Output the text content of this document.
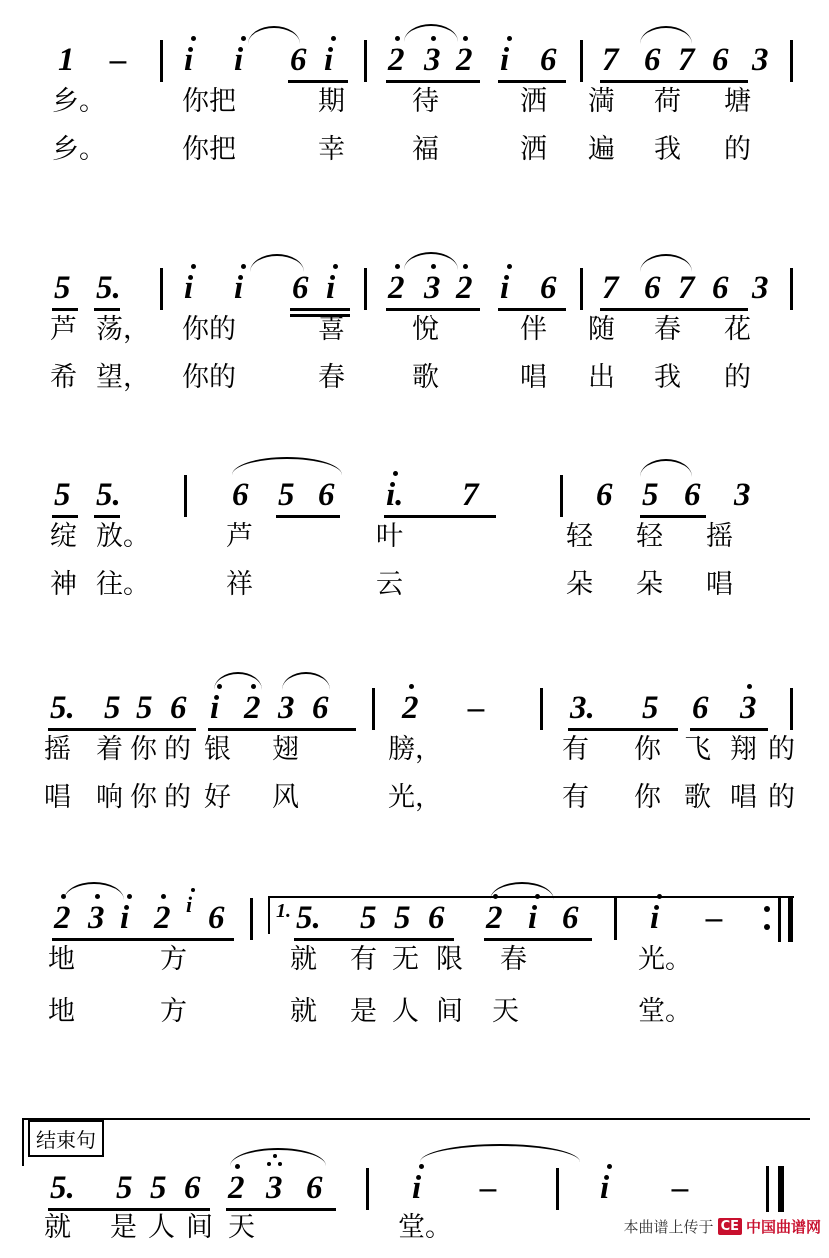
1 – i i 6 i 2 3 2 i 6 7 6 7 6 3
乡。	你把	期 待	洒 満 荷 塘
乡。	你把	幸 福	洒 遍 我 的
5 5. i i 6 i 2 3 2 i 6 7 6 7 6 3
芦 荡， 你的	喜 悅	伴 随 春 花
希 望， 你的	春 歌	唱 出 我 的
5 5.	6 5 6 i. 7	6 5 6 3
绽 放。	芦	叶	轻 轻 摇
神 往。	祥	云	朵 朵 唱
5. 5 5 6 i 2 3 6 2 –	3. 5 6 3
摇 着 你 的 银 翅	膀，	有 你 飞 翔 的
唱 响 你 的 好 风	光，	有 你 歌 唱 的
1.
2 3 i 2 i 6 5. 5 5 6 2 i 6 i –
地	方	就 有 无 限 春	光。
地	方	就 是 人 间 天	堂。
结束句
5. 5 5 6 2 3 6	i –	i –
就 是 人 间 天	堂。	本曲谱上传于 CE 中国曲谱网
